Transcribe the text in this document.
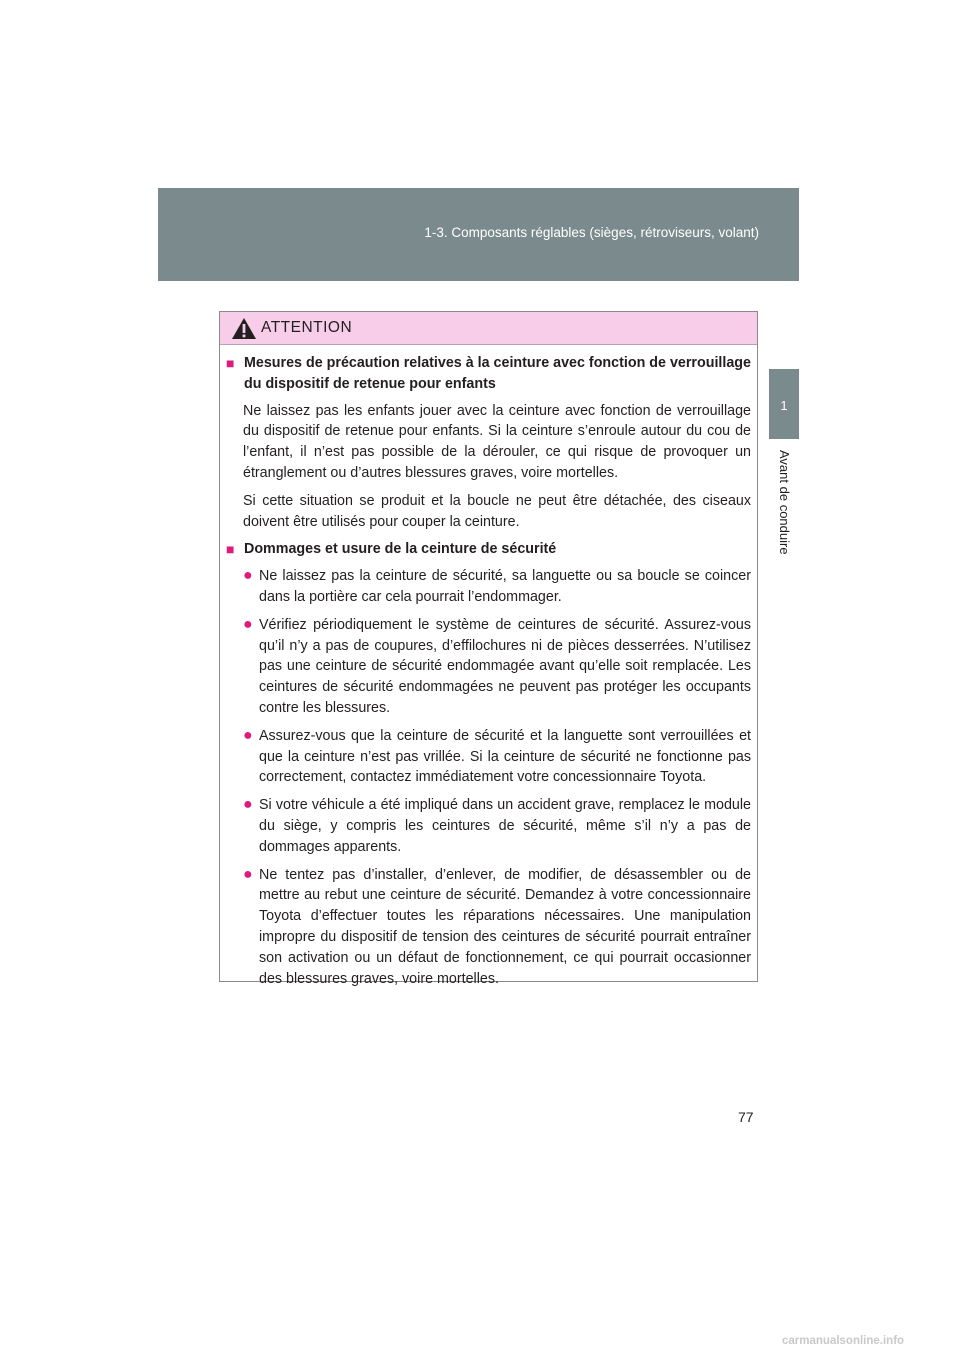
1-3. Composants réglables (sièges, rétroviseurs, volant)
1
Avant de conduire
ATTENTION
■ Mesures de précaution relatives à la ceinture avec fonction de verrouillage du dispositif de retenue pour enfants
Ne laissez pas les enfants jouer avec la ceinture avec fonction de verrouillage du dispositif de retenue pour enfants. Si la ceinture s’enroule autour du cou de l’enfant, il n’est pas possible de la dérouler, ce qui risque de provoquer un étranglement ou d’autres blessures graves, voire mortelles.
Si cette situation se produit et la boucle ne peut être détachée, des ciseaux doivent être utilisés pour couper la ceinture.
■ Dommages et usure de la ceinture de sécurité
● Ne laissez pas la ceinture de sécurité, sa languette ou sa boucle se coincer dans la portière car cela pourrait l’endommager.
● Vérifiez périodiquement le système de ceintures de sécurité. Assurez-vous qu’il n’y a pas de coupures, d’effilochures ni de pièces desserrées. N’utilisez pas une ceinture de sécurité endommagée avant qu’elle soit remplacée. Les ceintures de sécurité endommagées ne peuvent pas protéger les occupants contre les blessures.
● Assurez-vous que la ceinture de sécurité et la languette sont verrouillées et que la ceinture n’est pas vrillée. Si la ceinture de sécurité ne fonctionne pas correctement, contactez immédiatement votre concessionnaire Toyota.
● Si votre véhicule a été impliqué dans un accident grave, remplacez le module du siège, y compris les ceintures de sécurité, même s’il n’y a pas de dommages apparents.
● Ne tentez pas d’installer, d’enlever, de modifier, de désassembler ou de mettre au rebut une ceinture de sécurité. Demandez à votre concessionnaire Toyota d’effectuer toutes les réparations nécessaires. Une manipulation impropre du dispositif de tension des ceintures de sécurité pourrait entraîner son activation ou un défaut de fonctionnement, ce qui pourrait occasionner des blessures graves, voire mortelles.
77
carmanualsonline.info
